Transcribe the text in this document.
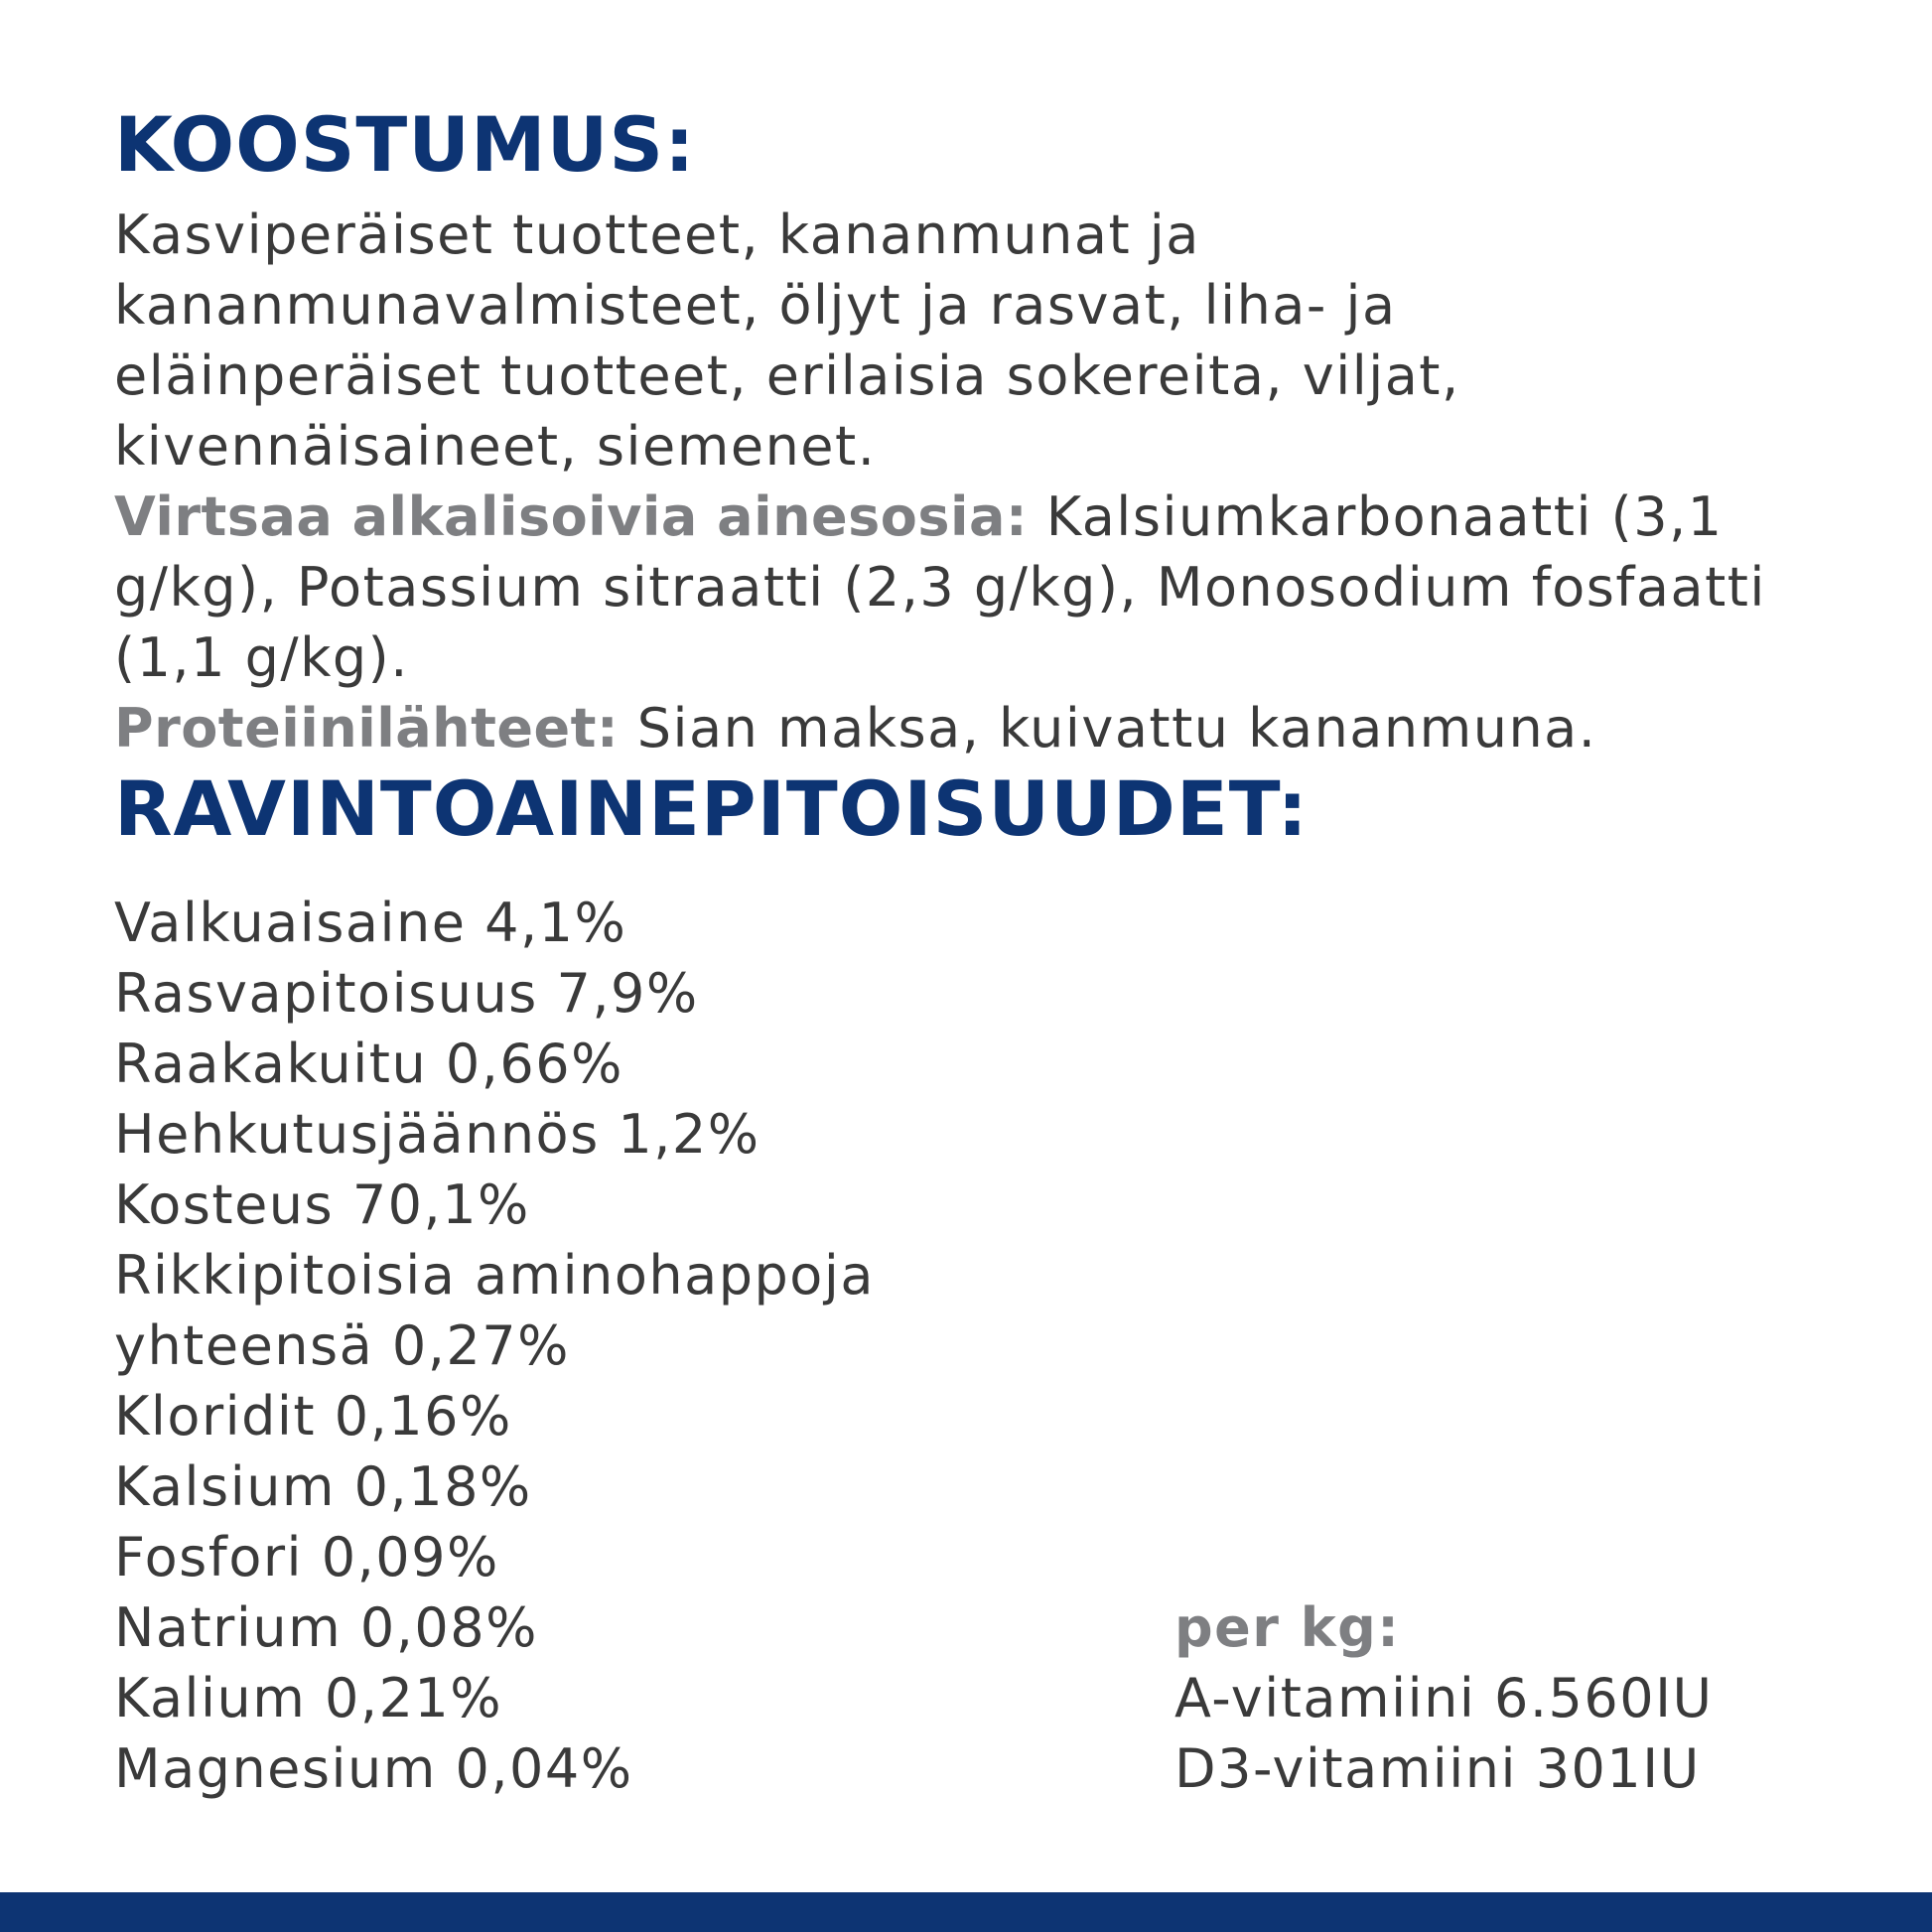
KOOSTUMUS:
Kasviperäiset tuotteet, kananmunat ja
kananmunavalmisteet, öljyt ja rasvat, liha- ja
eläinperäiset tuotteet, erilaisia sokereita, viljat,
kivennäisaineet, siemenet.

Virtsaa alkalisoivia ainesosia: Kalsiumkarbonaatti (3,1 g/kg), Potassium sitraatti (2,3 g/kg), Monosodium fosfaatti (1,1 g/kg).

Proteiinilähteet: Sian maksa, kuivattu kananmuna.

RAVINTOAINEPITOISUUDET:
Valkuaisaine 4,1%
Rasvapitoisuus 7,9%
Raakakuitu 0,66%
Hehkutusjäännös 1,2%
Kosteus 70,1%
Rikkipitoisia aminohappoja
yhteensä 0,27%
Kloridit 0,16%
Kalsium 0,18%
Fosfori 0,09%
Natrium 0,08%
Kalium 0,21%
Magnesium 0,04%
per kg:
A-vitamiini 6.560IU
D3-vitamiini 301IU
